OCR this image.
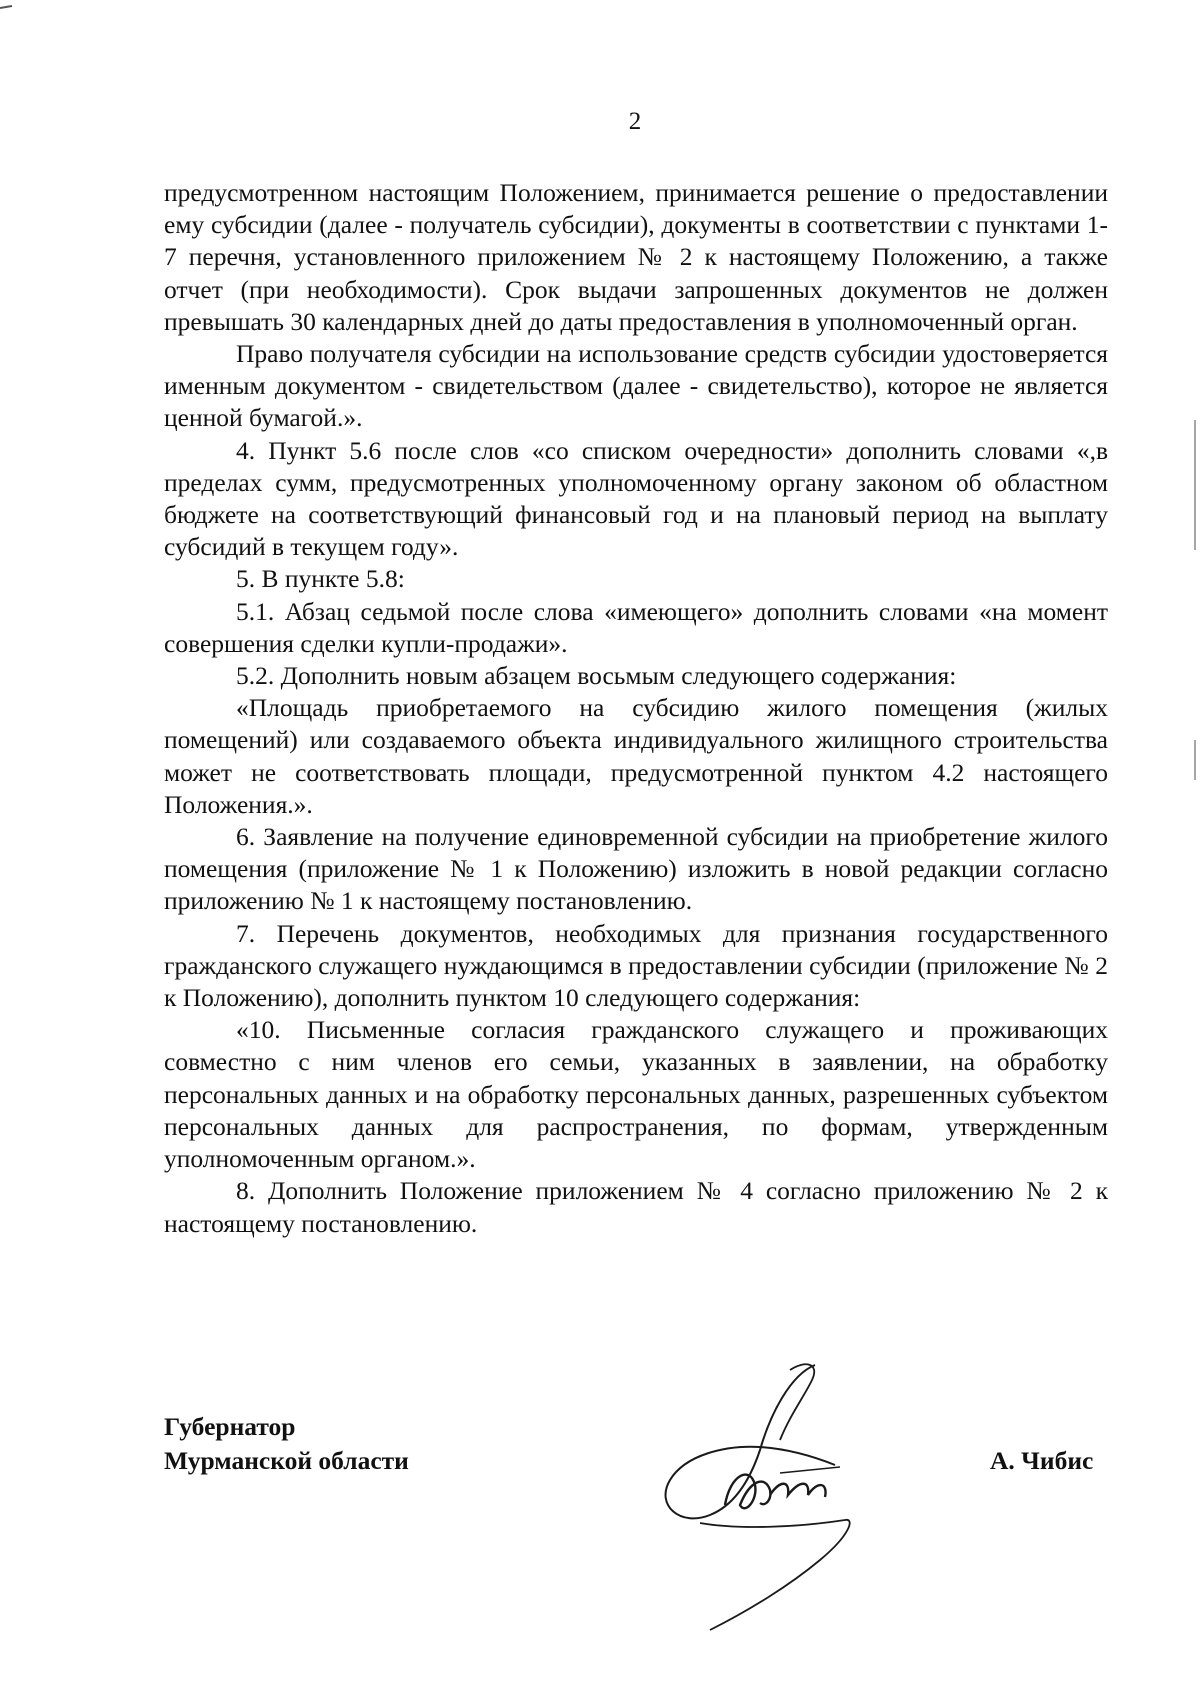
2

предусмотренном настоящим Положением, принимается решение о предоставлении ему субсидии (далее - получатель субсидии), документы в соответствии с пунктами 1-7 перечня, установленного приложением № 2 к настоящему Положению, а также отчет (при необходимости). Срок выдачи запрошенных документов не должен превышать 30 календарных дней до даты предоставления в уполномоченный орган.

Право получателя субсидии на использование средств субсидии удостоверяется именным документом - свидетельством (далее - свидетельство), которое не является ценной бумагой.».

4. Пункт 5.6 после слов «со списком очередности» дополнить словами «,в пределах сумм, предусмотренных уполномоченному органу законом об областном бюджете на соответствующий финансовый год и на плановый период на выплату субсидий в текущем году».

5. В пункте 5.8:

5.1. Абзац седьмой после слова «имеющего» дополнить словами «на момент совершения сделки купли-продажи».

5.2. Дополнить новым абзацем восьмым следующего содержания:

«Площадь приобретаемого на субсидию жилого помещения (жилых помещений) или создаваемого объекта индивидуального жилищного строительства может не соответствовать площади, предусмотренной пунктом 4.2 настоящего Положения.».

6. Заявление на получение единовременной субсидии на приобретение жилого помещения (приложение № 1 к Положению) изложить в новой редакции согласно приложению № 1 к настоящему постановлению.

7. Перечень документов, необходимых для признания государственного гражданского служащего нуждающимся в предоставлении субсидии (приложение № 2 к Положению), дополнить пунктом 10 следующего содержания:

«10. Письменные согласия гражданского служащего и проживающих совместно с ним членов его семьи, указанных в заявлении, на обработку персональных данных и на обработку персональных данных, разрешенных субъектом персональных данных для распространения, по формам, утвержденным уполномоченным органом.».

8. Дополнить Положение приложением № 4 согласно приложению № 2 к настоящему постановлению.

Губернатор
Мурманской области	А. Чибис
